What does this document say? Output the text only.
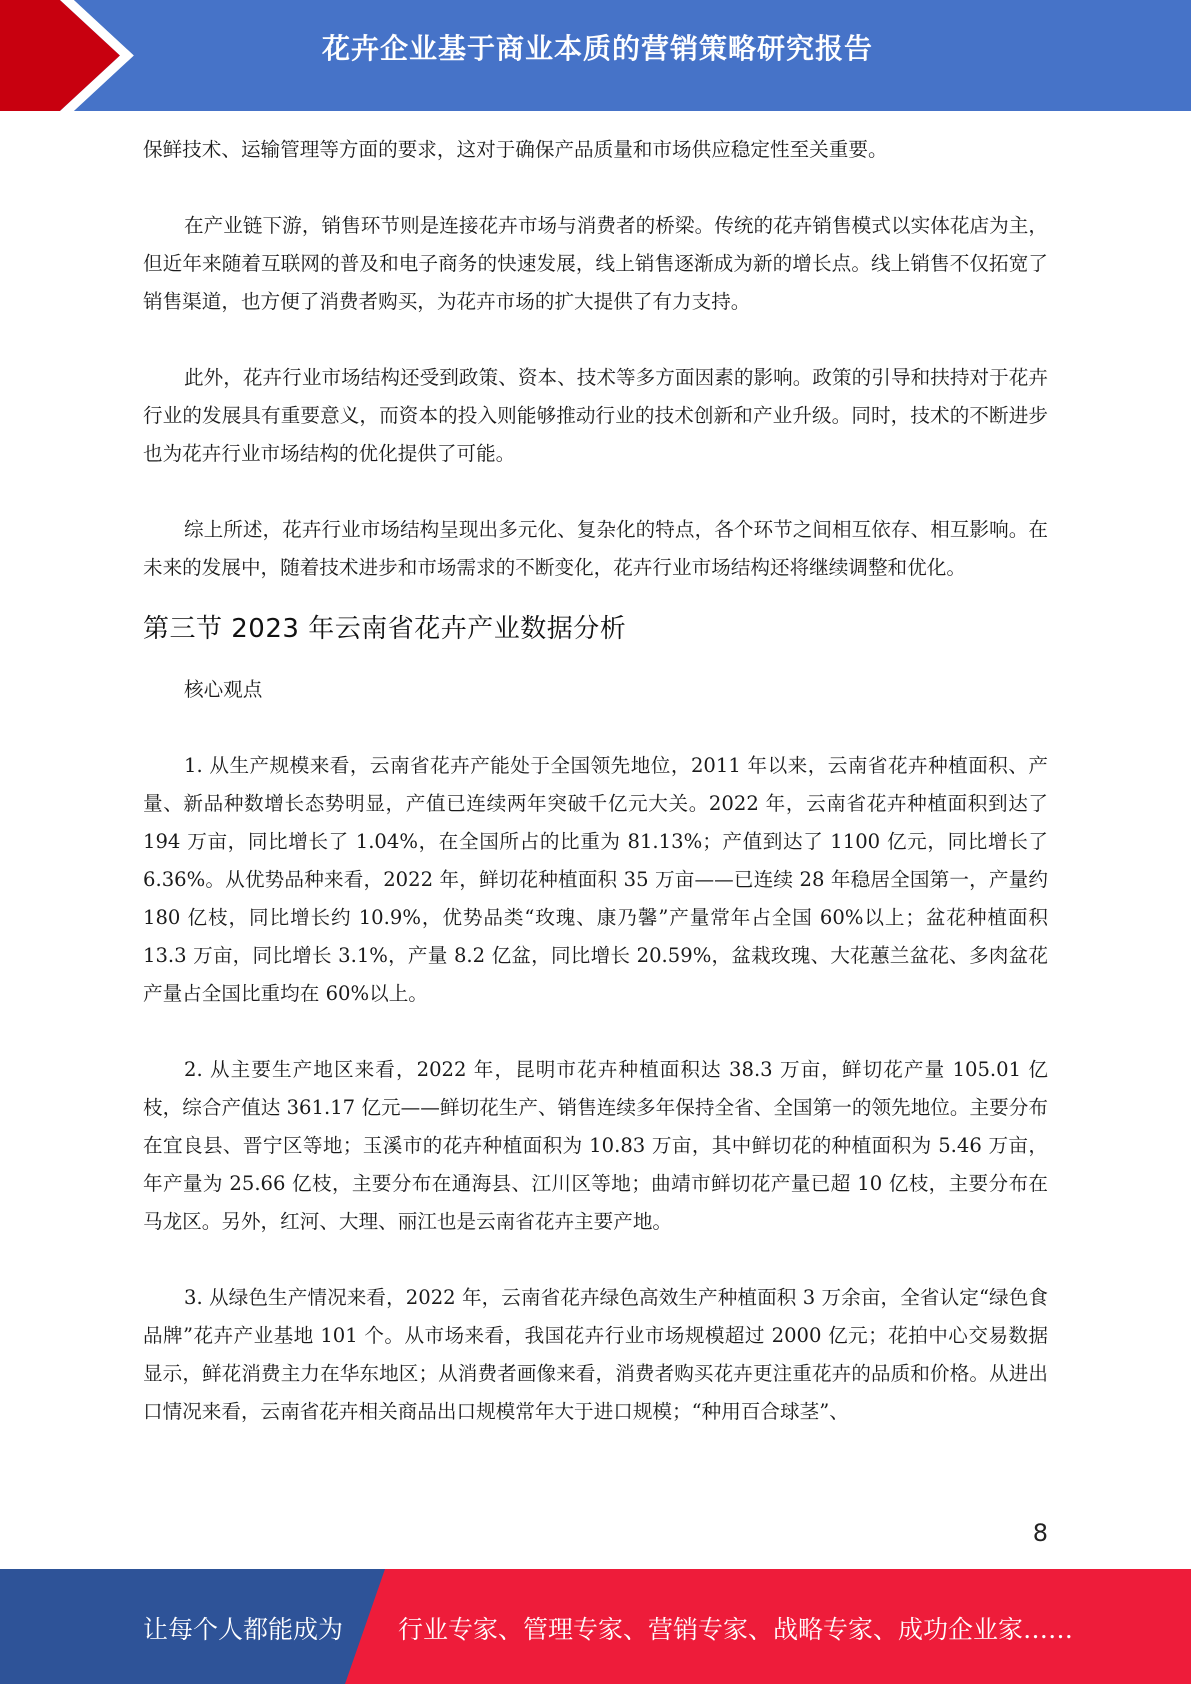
花卉企业基于商业本质的营销策略研究报告

保鲜技术、运输管理等方面的要求，这对于确保产品质量和市场供应稳定性至关重要。

在产业链下游，销售环节则是连接花卉市场与消费者的桥梁。传统的花卉销售模式以实体花店为主，但近年来随着互联网的普及和电子商务的快速发展，线上销售逐渐成为新的增长点。线上销售不仅拓宽了销售渠道，也方便了消费者购买，为花卉市场的扩大提供了有力支持。

此外，花卉行业市场结构还受到政策、资本、技术等多方面因素的影响。政策的引导和扶持对于花卉行业的发展具有重要意义，而资本的投入则能够推动行业的技术创新和产业升级。同时，技术的不断进步也为花卉行业市场结构的优化提供了可能。

综上所述，花卉行业市场结构呈现出多元化、复杂化的特点，各个环节之间相互依存、相互影响。在未来的发展中，随着技术进步和市场需求的不断变化，花卉行业市场结构还将继续调整和优化。

第三节 2023 年云南省花卉产业数据分析

核心观点

1. 从生产规模来看，云南省花卉产能处于全国领先地位，2011 年以来，云南省花卉种植面积、产量、新品种数增长态势明显，产值已连续两年突破千亿元大关。2022 年，云南省花卉种植面积到达了 194 万亩，同比增长了 1.04%，在全国所占的比重为 81.13%；产值到达了 1100 亿元，同比增长了 6.36%。从优势品种来看，2022 年，鲜切花种植面积 35 万亩——已连续 28 年稳居全国第一，产量约 180 亿枝，同比增长约 10.9%，优势品类“玫瑰、康乃馨”产量常年占全国 60%以上；盆花种植面积 13.3 万亩，同比增长 3.1%，产量 8.2 亿盆，同比增长 20.59%，盆栽玫瑰、大花蕙兰盆花、多肉盆花产量占全国比重均在 60%以上。

2. 从主要生产地区来看，2022 年，昆明市花卉种植面积达 38.3 万亩，鲜切花产量 105.01 亿枝，综合产值达 361.17 亿元——鲜切花生产、销售连续多年保持全省、全国第一的领先地位。主要分布在宜良县、晋宁区等地；玉溪市的花卉种植面积为 10.83 万亩，其中鲜切花的种植面积为 5.46 万亩，年产量为 25.66 亿枝，主要分布在通海县、江川区等地；曲靖市鲜切花产量已超 10 亿枝，主要分布在马龙区。另外，红河、大理、丽江也是云南省花卉主要产地。

3. 从绿色生产情况来看，2022 年，云南省花卉绿色高效生产种植面积 3 万余亩，全省认定“绿色食品牌”花卉产业基地 101 个。从市场来看，我国花卉行业市场规模超过 2000 亿元；花拍中心交易数据显示，鲜花消费主力在华东地区；从消费者画像来看，消费者购买花卉更注重花卉的品质和价格。从进出口情况来看，云南省花卉相关商品出口规模常年大于进口规模；“种用百合球茎”、

8
让每个人都能成为 行业专家、管理专家、营销专家、战略专家、成功企业家……
